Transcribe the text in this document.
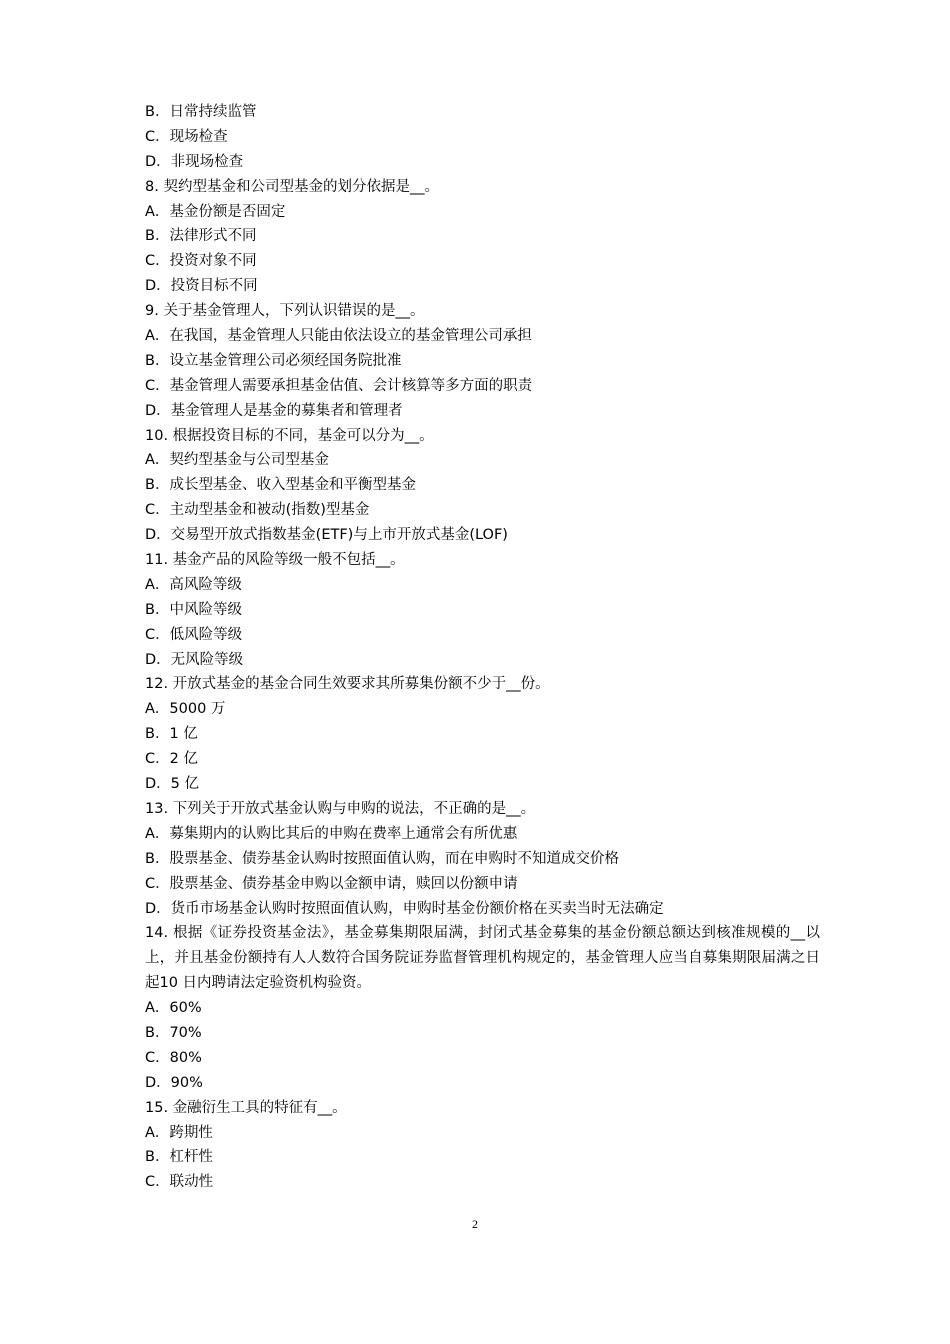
B．日常持续监管
C．现场检查
D．非现场检查
8. 契约型基金和公司型基金的划分依据是__。
A．基金份额是否固定
B．法律形式不同
C．投资对象不同
D．投资目标不同
9. 关于基金管理人，下列认识错误的是__。
A．在我国，基金管理人只能由依法设立的基金管理公司承担
B．设立基金管理公司必须经国务院批准
C．基金管理人需要承担基金估值、会计核算等多方面的职责
D．基金管理人是基金的募集者和管理者
10. 根据投资目标的不同，基金可以分为__。
A．契约型基金与公司型基金
B．成长型基金、收入型基金和平衡型基金
C．主动型基金和被动(指数)型基金
D．交易型开放式指数基金(ETF)与上市开放式基金(LOF)
11. 基金产品的风险等级一般不包括__。
A．高风险等级
B．中风险等级
C．低风险等级
D．无风险等级
12. 开放式基金的基金合同生效要求其所募集份额不少于__份。
A．5000 万
B．1 亿
C．2 亿
D．5 亿
13. 下列关于开放式基金认购与申购的说法，不正确的是__。
A．募集期内的认购比其后的申购在费率上通常会有所优惠
B．股票基金、债券基金认购时按照面值认购，而在申购时不知道成交价格
C．股票基金、债券基金申购以金额申请，赎回以份额申请
D．货币市场基金认购时按照面值认购，申购时基金份额价格在买卖当时无法确定
14. 根据《证券投资基金法》，基金募集期限届满，封闭式基金募集的基金份额总额达到核准规模的__以上，并且基金份额持有人人数符合国务院证券监督管理机构规定的，基金管理人应当自募集期限届满之日起10 日内聘请法定验资机构验资。
A．60%
B．70%
C．80%
D．90%
15. 金融衍生工具的特征有__。
A．跨期性
B．杠杆性
C．联动性
2
